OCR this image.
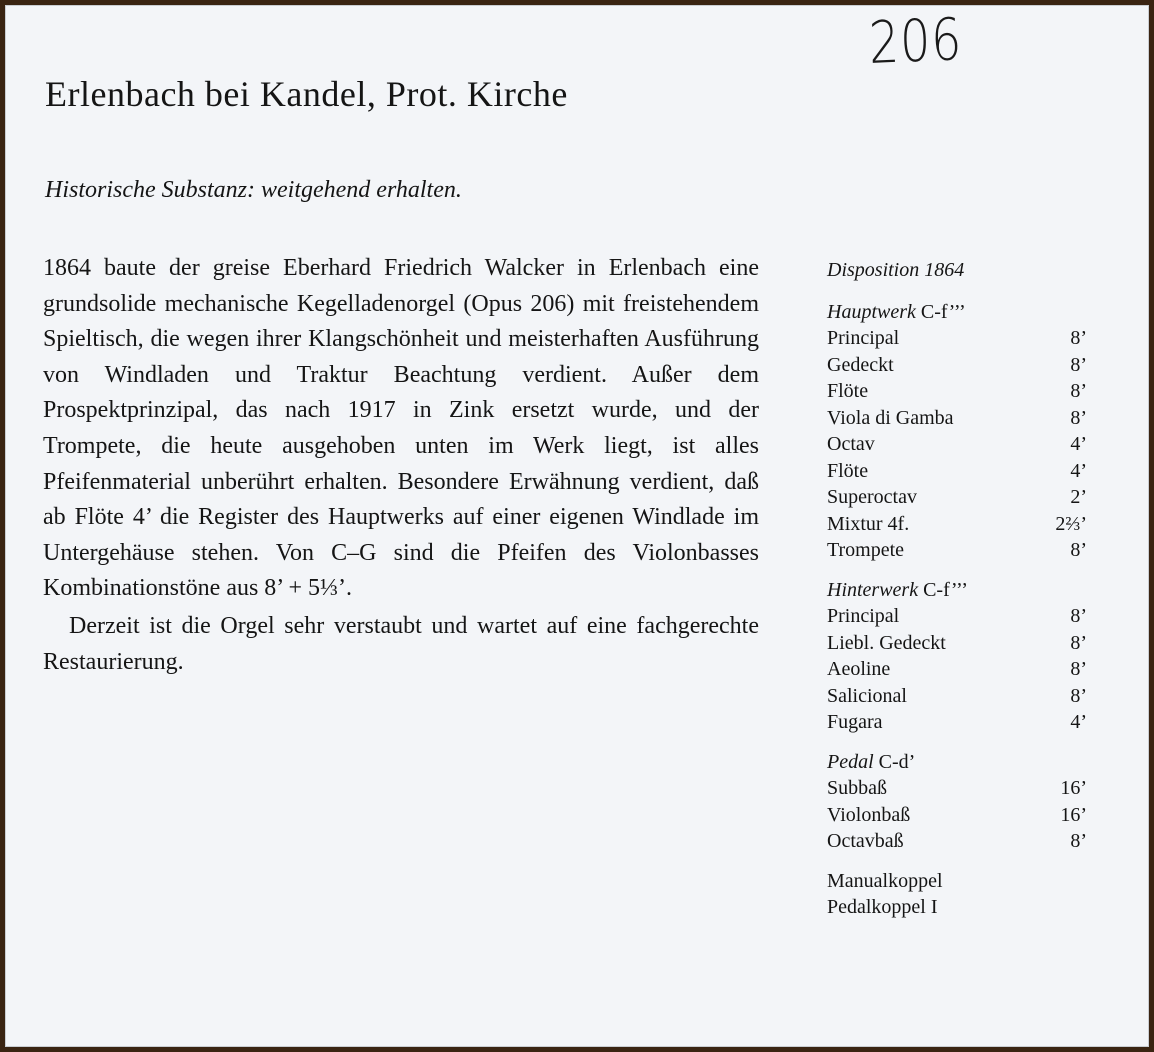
206
Erlenbach bei Kandel, Prot. Kirche
Historische Substanz: weitgehend erhalten.

1864 baute der greise Eberhard Friedrich Walcker in Erlenbach eine grundsolide mechanische Kegelladenorgel (Opus 206) mit freistehendem Spieltisch, die wegen ihrer Klangschönheit und meisterhaften Ausführung von Windladen und Traktur Beachtung verdient. Außer dem Prospektprinzipal, das nach 1917 in Zink ersetzt wurde, und der Trompete, die heute ausgehoben unten im Werk liegt, ist alles Pfeifenmaterial unberührt erhalten. Besondere Erwähnung verdient, daß ab Flöte 4’ die Register des Hauptwerks auf einer eigenen Windlade im Untergehäuse stehen. Von C–G sind die Pfeifen des Violonbasses Kombinationstöne aus 8’ + 5⅓’.

Derzeit ist die Orgel sehr verstaubt und wartet auf eine fachgerechte Restaurierung.

Disposition 1864
Hauptwerk C-f’’’
Principal	8’
Gedeckt	8’
Flöte	8’
Viola di Gamba	8’
Octav	4’
Flöte	4’
Superoctav	2’
Mixtur 4f.	2⅔’
Trompete	8’
Hinterwerk C-f’’’
Principal	8’
Liebl. Gedeckt	8’
Aeoline	8’
Salicional	8’
Fugara	4’
Pedal C-d’
Subbaß	16’
Violonbaß	16’
Octavbaß	8’
Manualkoppel
Pedalkoppel I
